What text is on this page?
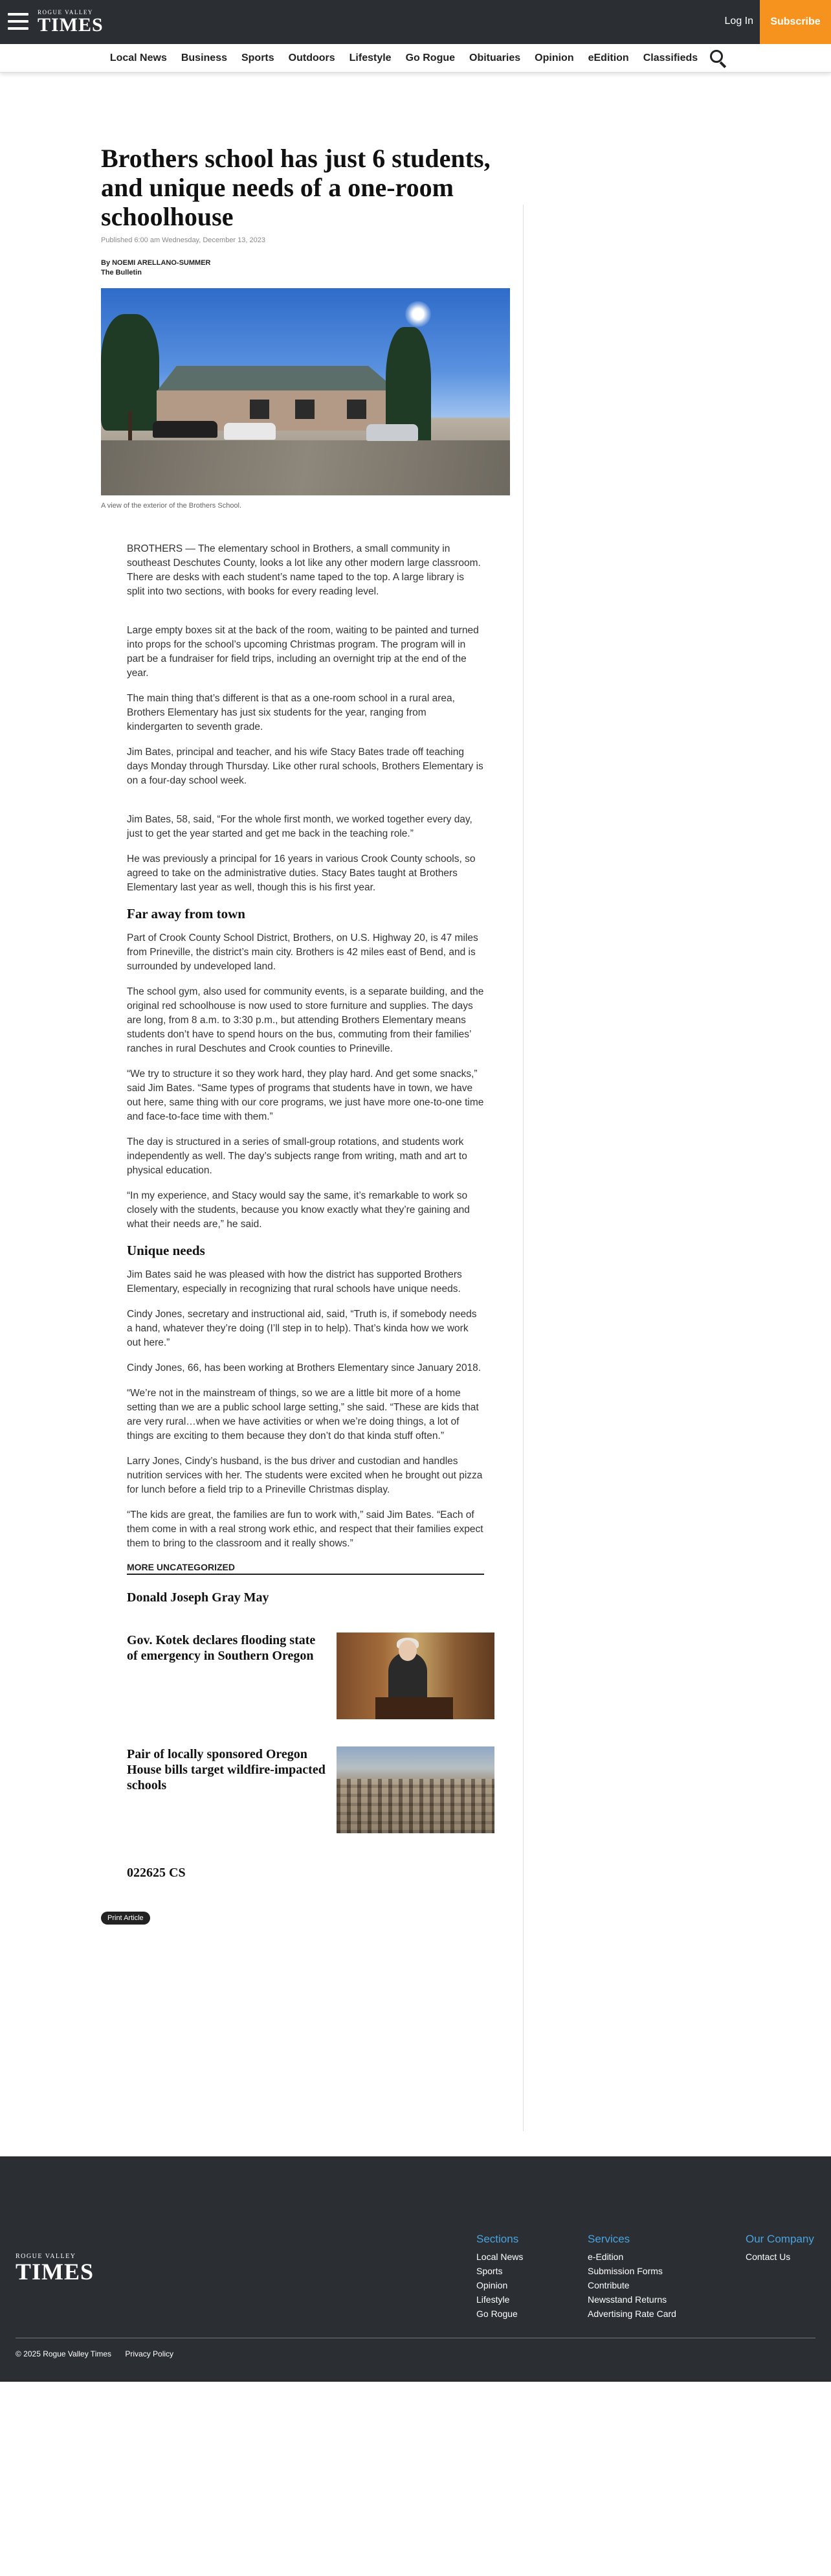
ROGUE VALLEY
TIMES	Log In	Subscribe
Local News	Business	Sports	Outdoors	Lifestyle	Go Rogue	Obituaries	Opinion	eEdition	Classifieds
Brothers school has just 6 students, and unique needs of a one-room schoolhouse
Published 6:00 am Wednesday, December 13, 2023
By NOEMI ARELLANO-SUMMER
The Bulletin
A view of the exterior of the Brothers School.

BROTHERS — The elementary school in Brothers, a small community in southeast Deschutes County, looks a lot like any other modern large classroom. There are desks with each student’s name taped to the top. A large library is split into two sections, with books for every reading level.

Large empty boxes sit at the back of the room, waiting to be painted and turned into props for the school’s upcoming Christmas program. The program will in part be a fundraiser for field trips, including an overnight trip at the end of the year.

The main thing that’s different is that as a one-room school in a rural area, Brothers Elementary has just six students for the year, ranging from kindergarten to seventh grade.

Jim Bates, principal and teacher, and his wife Stacy Bates trade off teaching days Monday through Thursday. Like other rural schools, Brothers Elementary is on a four-day school week.

Jim Bates, 58, said, “For the whole first month, we worked together every day, just to get the year started and get me back in the teaching role.”

He was previously a principal for 16 years in various Crook County schools, so agreed to take on the administrative duties. Stacy Bates taught at Brothers Elementary last year as well, though this is his first year.

Far away from town

Part of Crook County School District, Brothers, on U.S. Highway 20, is 47 miles from Prineville, the district’s main city. Brothers is 42 miles east of Bend, and is surrounded by undeveloped land.

The school gym, also used for community events, is a separate building, and the original red schoolhouse is now used to store furniture and supplies. The days are long, from 8 a.m. to 3:30 p.m., but attending Brothers Elementary means students don’t have to spend hours on the bus, commuting from their families’ ranches in rural Deschutes and Crook counties to Prineville.

“We try to structure it so they work hard, they play hard. And get some snacks,” said Jim Bates. “Same types of programs that students have in town, we have out here, same thing with our core programs, we just have more one-to-one time and face-to-face time with them.”

The day is structured in a series of small-group rotations, and students work independently as well. The day’s subjects range from writing, math and art to physical education.

“In my experience, and Stacy would say the same, it’s remarkable to work so closely with the students, because you know exactly what they’re gaining and what their needs are,” he said.

Unique needs

Jim Bates said he was pleased with how the district has supported Brothers Elementary, especially in recognizing that rural schools have unique needs.

Cindy Jones, secretary and instructional aid, said, “Truth is, if somebody needs a hand, whatever they’re doing (I’ll step in to help). That’s kinda how we work out here.”

Cindy Jones, 66, has been working at Brothers Elementary since January 2018.

“We’re not in the mainstream of things, so we are a little bit more of a home setting than we are a public school large setting,” she said. “These are kids that are very rural…when we have activities or when we’re doing things, a lot of things are exciting to them because they don’t do that kinda stuff often.”

Larry Jones, Cindy’s husband, is the bus driver and custodian and handles nutrition services with her. The students were excited when he brought out pizza for lunch before a field trip to a Prineville Christmas display.

“The kids are great, the families are fun to work with,” said Jim Bates. “Each of them come in with a real strong work ethic, and respect that their families expect them to bring to the classroom and it really shows.”

MORE UNCATEGORIZED
Donald Joseph Gray May
Gov. Kotek declares flooding state of emergency in Southern Oregon
Pair of locally sponsored Oregon House bills target wildfire-impacted schools
022625 CS
Print Article
ROGUE VALLEY
TIMES
Sections
Local News
Sports
Opinion
Lifestyle
Go Rogue
Services
e-Edition
Submission Forms
Contribute
Newsstand Returns
Advertising Rate Card
Our Company
Contact Us
© 2025 Rogue Valley Times Privacy Policy
